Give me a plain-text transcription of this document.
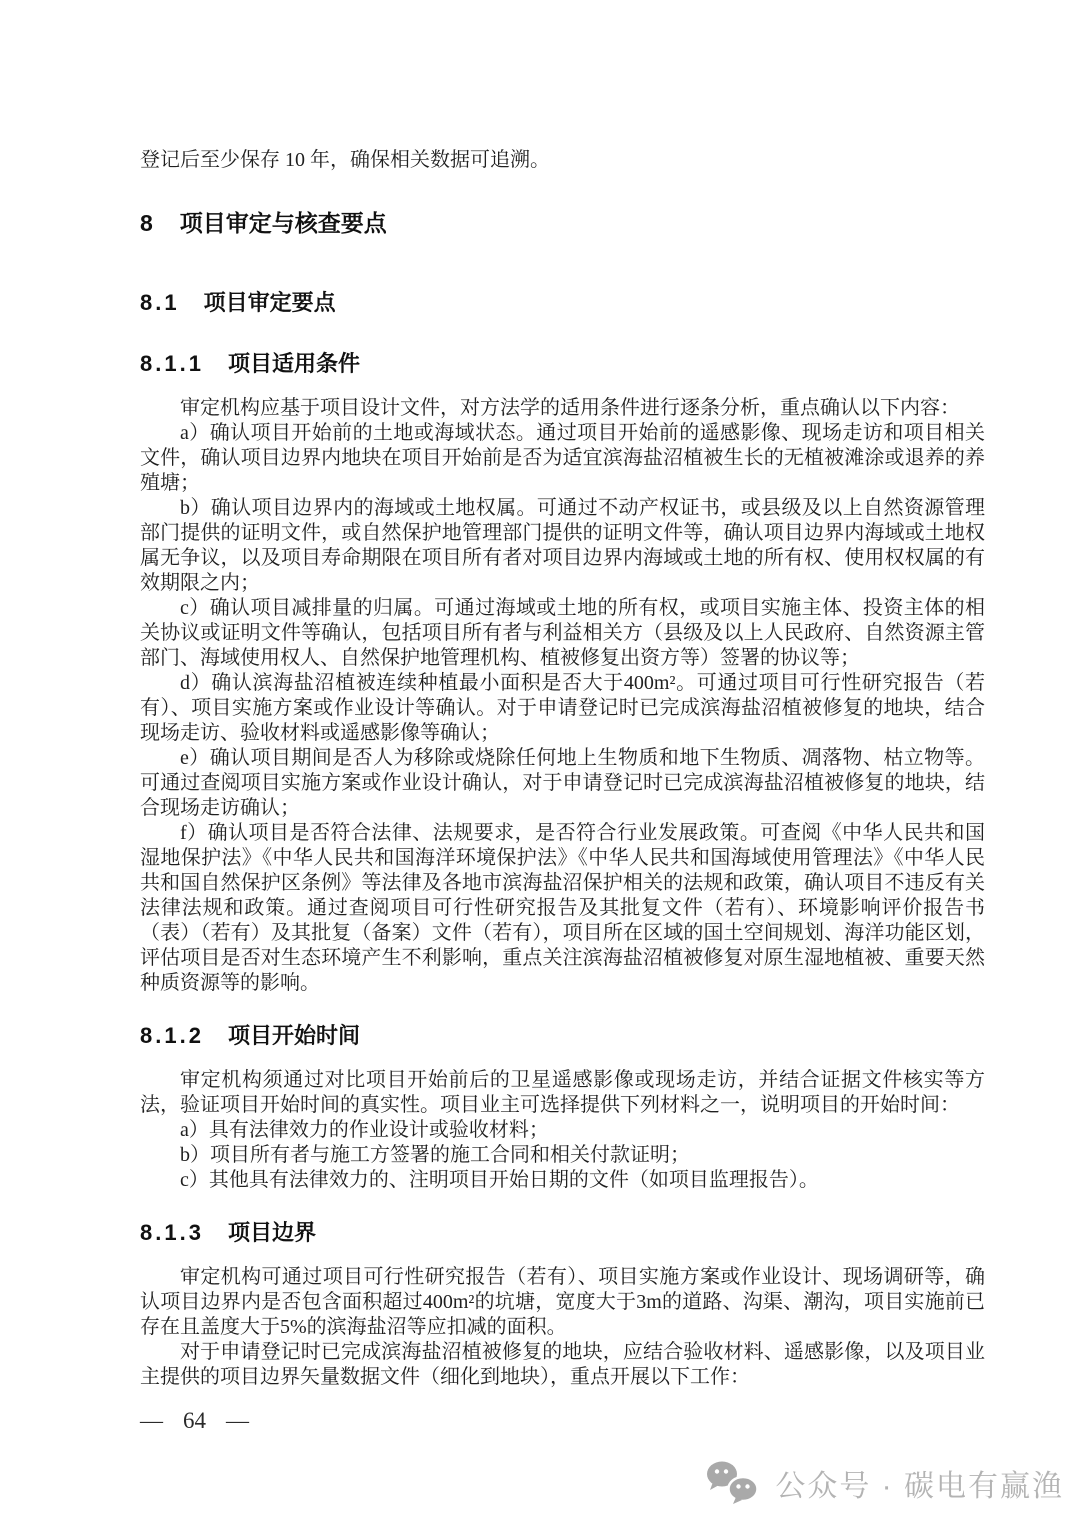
登记后至少保存 10 年，确保相关数据可追溯。

8 项目审定与核查要点
8.1 项目审定要点
8.1.1 项目适用条件

审定机构应基于项目设计文件，对方法学的适用条件进行逐条分析，重点确认以下内容：

a）确认项目开始前的土地或海域状态。通过项目开始前的遥感影像、现场走访和项目相关文件，确认项目边界内地块在项目开始前是否为适宜滨海盐沼植被生长的无植被滩涂或退养的养殖塘；

b）确认项目边界内的海域或土地权属。可通过不动产权证书，或县级及以上自然资源管理部门提供的证明文件，或自然保护地管理部门提供的证明文件等，确认项目边界内海域或土地权属无争议，以及项目寿命期限在项目所有者对项目边界内海域或土地的所有权、使用权权属的有效期限之内；

c）确认项目减排量的归属。可通过海域或土地的所有权，或项目实施主体、投资主体的相关协议或证明文件等确认，包括项目所有者与利益相关方（县级及以上人民政府、自然资源主管部门、海域使用权人、自然保护地管理机构、植被修复出资方等）签署的协议等；

d）确认滨海盐沼植被连续种植最小面积是否大于400m²。可通过项目可行性研究报告（若有）、项目实施方案或作业设计等确认。对于申请登记时已完成滨海盐沼植被修复的地块，结合现场走访、验收材料或遥感影像等确认；

e）确认项目期间是否人为移除或烧除任何地上生物质和地下生物质、凋落物、枯立物等。可通过查阅项目实施方案或作业设计确认，对于申请登记时已完成滨海盐沼植被修复的地块，结合现场走访确认；

f）确认项目是否符合法律、法规要求，是否符合行业发展政策。可查阅《中华人民共和国湿地保护法》《中华人民共和国海洋环境保护法》《中华人民共和国海域使用管理法》《中华人民共和国自然保护区条例》等法律及各地市滨海盐沼保护相关的法规和政策，确认项目不违反有关法律法规和政策。通过查阅项目可行性研究报告及其批复文件（若有）、环境影响评价报告书（表）（若有）及其批复（备案）文件（若有），项目所在区域的国土空间规划、海洋功能区划，评估项目是否对生态环境产生不利影响，重点关注滨海盐沼植被修复对原生湿地植被、重要天然种质资源等的影响。

8.1.2 项目开始时间

审定机构须通过对比项目开始前后的卫星遥感影像或现场走访，并结合证据文件核实等方法，验证项目开始时间的真实性。项目业主可选择提供下列材料之一，说明项目的开始时间：

a）具有法律效力的作业设计或验收材料；

b）项目所有者与施工方签署的施工合同和相关付款证明；

c）其他具有法律效力的、注明项目开始日期的文件（如项目监理报告）。

8.1.3 项目边界

审定机构可通过项目可行性研究报告（若有）、项目实施方案或作业设计、现场调研等，确认项目边界内是否包含面积超过400m²的坑塘，宽度大于3m的道路、沟渠、潮沟，项目实施前已存在且盖度大于5%的滨海盐沼等应扣减的面积。

对于申请登记时已完成滨海盐沼植被修复的地块，应结合验收材料、遥感影像，以及项目业主提供的项目边界矢量数据文件（细化到地块），重点开展以下工作：

— 64 —
公众号 · 碳电有赢渔
